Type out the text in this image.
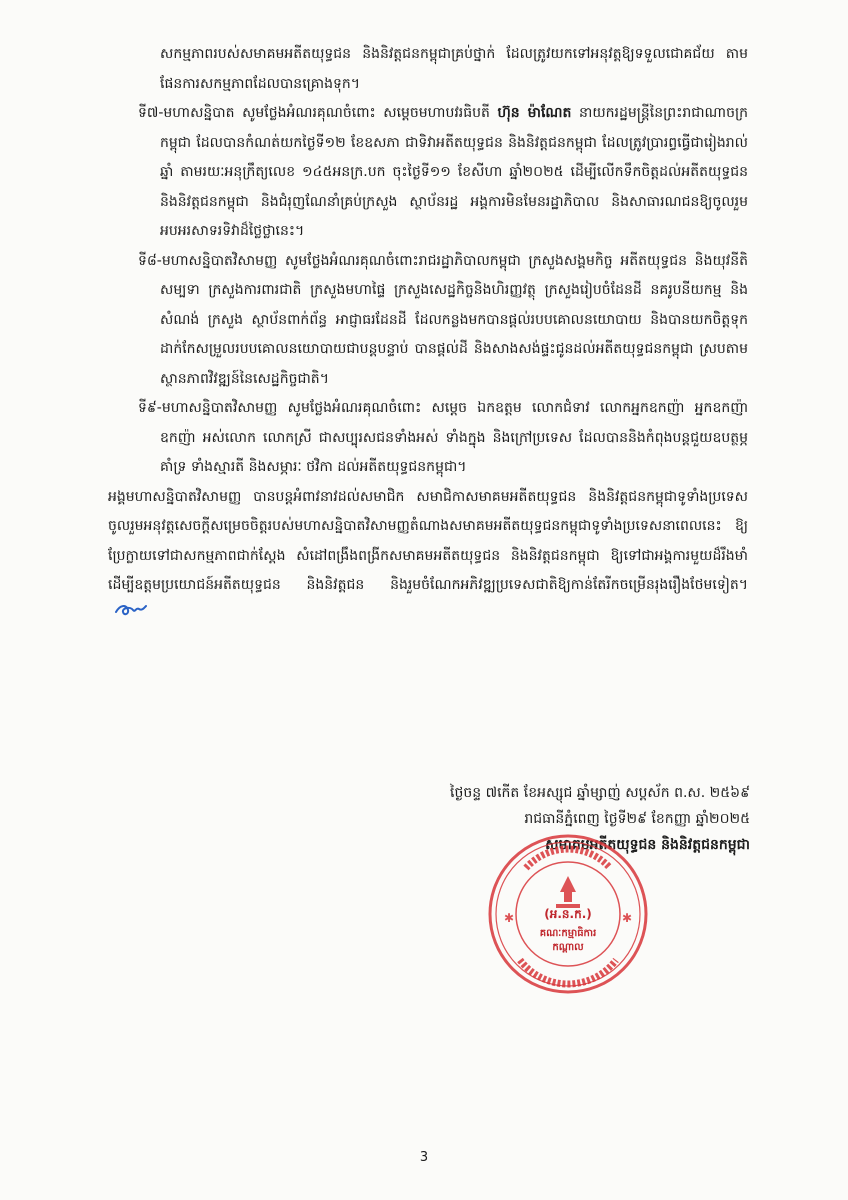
សកម្មភាពរបស់សមាគមអតីតយុទ្ធជន និងនិវត្តជនកម្ពុជាគ្រប់ថ្នាក់ ដែលត្រូវយកទៅអនុវត្តឱ្យទទួលជោគជ័យ តាមផែនការសកម្មភាពដែលបានគ្រោងទុក។

ទី៧-មហាសន្និបាត សូមថ្លែងអំណរគុណចំពោះ សម្តេចមហាបវរធិបតី ហ៊ុន ម៉ាណែត នាយករដ្ឋមន្ត្រីនៃព្រះរាជាណាចក្រកម្ពុជា ដែលបានកំណត់យកថ្ងៃទី១២ ខែឧសភា ជាទិវាអតីតយុទ្ធជន និងនិវត្តជនកម្ពុជា ដែលត្រូវប្រារព្ធធ្វើជារៀងរាល់ឆ្នាំ តាមរយៈអនុក្រឹត្យលេខ ១៤៥អនក្រ.បក ចុះថ្ងៃទី១១ ខែសីហា ឆ្នាំ២០២៥ ដើម្បីលើកទឹកចិត្តដល់អតីតយុទ្ធជន និងនិវត្តជនកម្ពុជា និងជំរុញណែនាំគ្រប់ក្រសួង ស្ថាប័នរដ្ឋ អង្គការមិនមែនរដ្ឋាភិបាល និងសាធារណជនឱ្យចូលរួមអបអរសាទរទិវាដ៏ថ្លៃថ្លានេះ។

ទី៨-មហាសន្និបាតវិសាមញ្ញ សូមថ្លែងអំណរគុណចំពោះរាជរដ្ឋាភិបាលកម្ពុជា ក្រសួងសង្គមកិច្ច អតីតយុទ្ធជន និងយុវនីតិសម្បទា ក្រសួងការពារជាតិ ក្រសួងមហាផ្ទៃ ក្រសួងសេដ្ឋកិច្ចនិងហិរញ្ញវត្ថុ ក្រសួងរៀបចំដែនដី នគរូបនីយកម្ម និងសំណង់ ក្រសួង ស្ថាប័នពាក់ព័ន្ធ អាជ្ញាធរដែនដី ដែលកន្លងមកបានផ្តល់របបគោលនយោបាយ និងបានយកចិត្តទុកដាក់កែសម្រួលរបបគោលនយោបាយជាបន្តបន្ទាប់ បានផ្តល់ដី និងសាងសង់ផ្ទះជូនដល់អតីតយុទ្ធជនកម្ពុជា ស្របតាមស្ថានភាពវិវឌ្ឍន៍នៃសេដ្ឋកិច្ចជាតិ។

ទី៩-មហាសន្និបាតវិសាមញ្ញ សូមថ្លែងអំណរគុណចំពោះ សម្តេច ឯកឧត្តម លោកជំទាវ លោកអ្នកឧកញ៉ា អ្នកឧកញ៉ា ឧកញ៉ា អស់លោក លោកស្រី ជាសប្បុរសជនទាំងអស់ ទាំងក្នុង និងក្រៅប្រទេស ដែលបាននិងកំពុងបន្តជួយឧបត្ថម្ភគាំទ្រ ទាំងស្មារតី និងសម្ភារៈ ថវិកា ដល់អតីតយុទ្ធជនកម្ពុជា។

អង្គមហាសន្និបាតវិសាមញ្ញ បានបន្តអំពាវនាវដល់សមាជិក សមាជិកាសមាគមអតីតយុទ្ធជន និងនិវត្តជនកម្ពុជាទូទាំងប្រទេស ចូលរួមអនុវត្តសេចក្តីសម្រេចចិត្តរបស់មហាសន្និបាតវិសាមញ្ញតំណាងសមាគមអតីតយុទ្ធជនកម្ពុជាទូទាំងប្រទេសនាពេលនេះ ឱ្យប្រែក្លាយទៅជាសកម្មភាពជាក់ស្តែង សំដៅពង្រឹងពង្រីកសមាគមអតីតយុទ្ធជន និងនិវត្តជនកម្ពុជា ឱ្យទៅជាអង្គការមួយដ៏រឹងមាំ ដើម្បីឧត្តមប្រយោជន៍អតីតយុទ្ធជន និងនិវត្តជន និងរួមចំណែកអភិវឌ្ឍប្រទេសជាតិឱ្យកាន់តែរីកចម្រើនរុងរឿងថែមទៀត។

ថ្ងៃចន្ទ ៧កើត ខែអស្សុជ ឆ្នាំម្សាញ់ សប្តស័ក ព.ស. ២៥៦៩
រាជធានីភ្នំពេញ ថ្ងៃទី២៩ ខែកញ្ញា ឆ្នាំ២០២៥
សមាគមអតីតយុទ្ធជន និងនិវត្តជនកម្ពុជា
✱	✱
(អ.ន.ក.)
គណៈកម្មាធិការ
កណ្តាល
3
